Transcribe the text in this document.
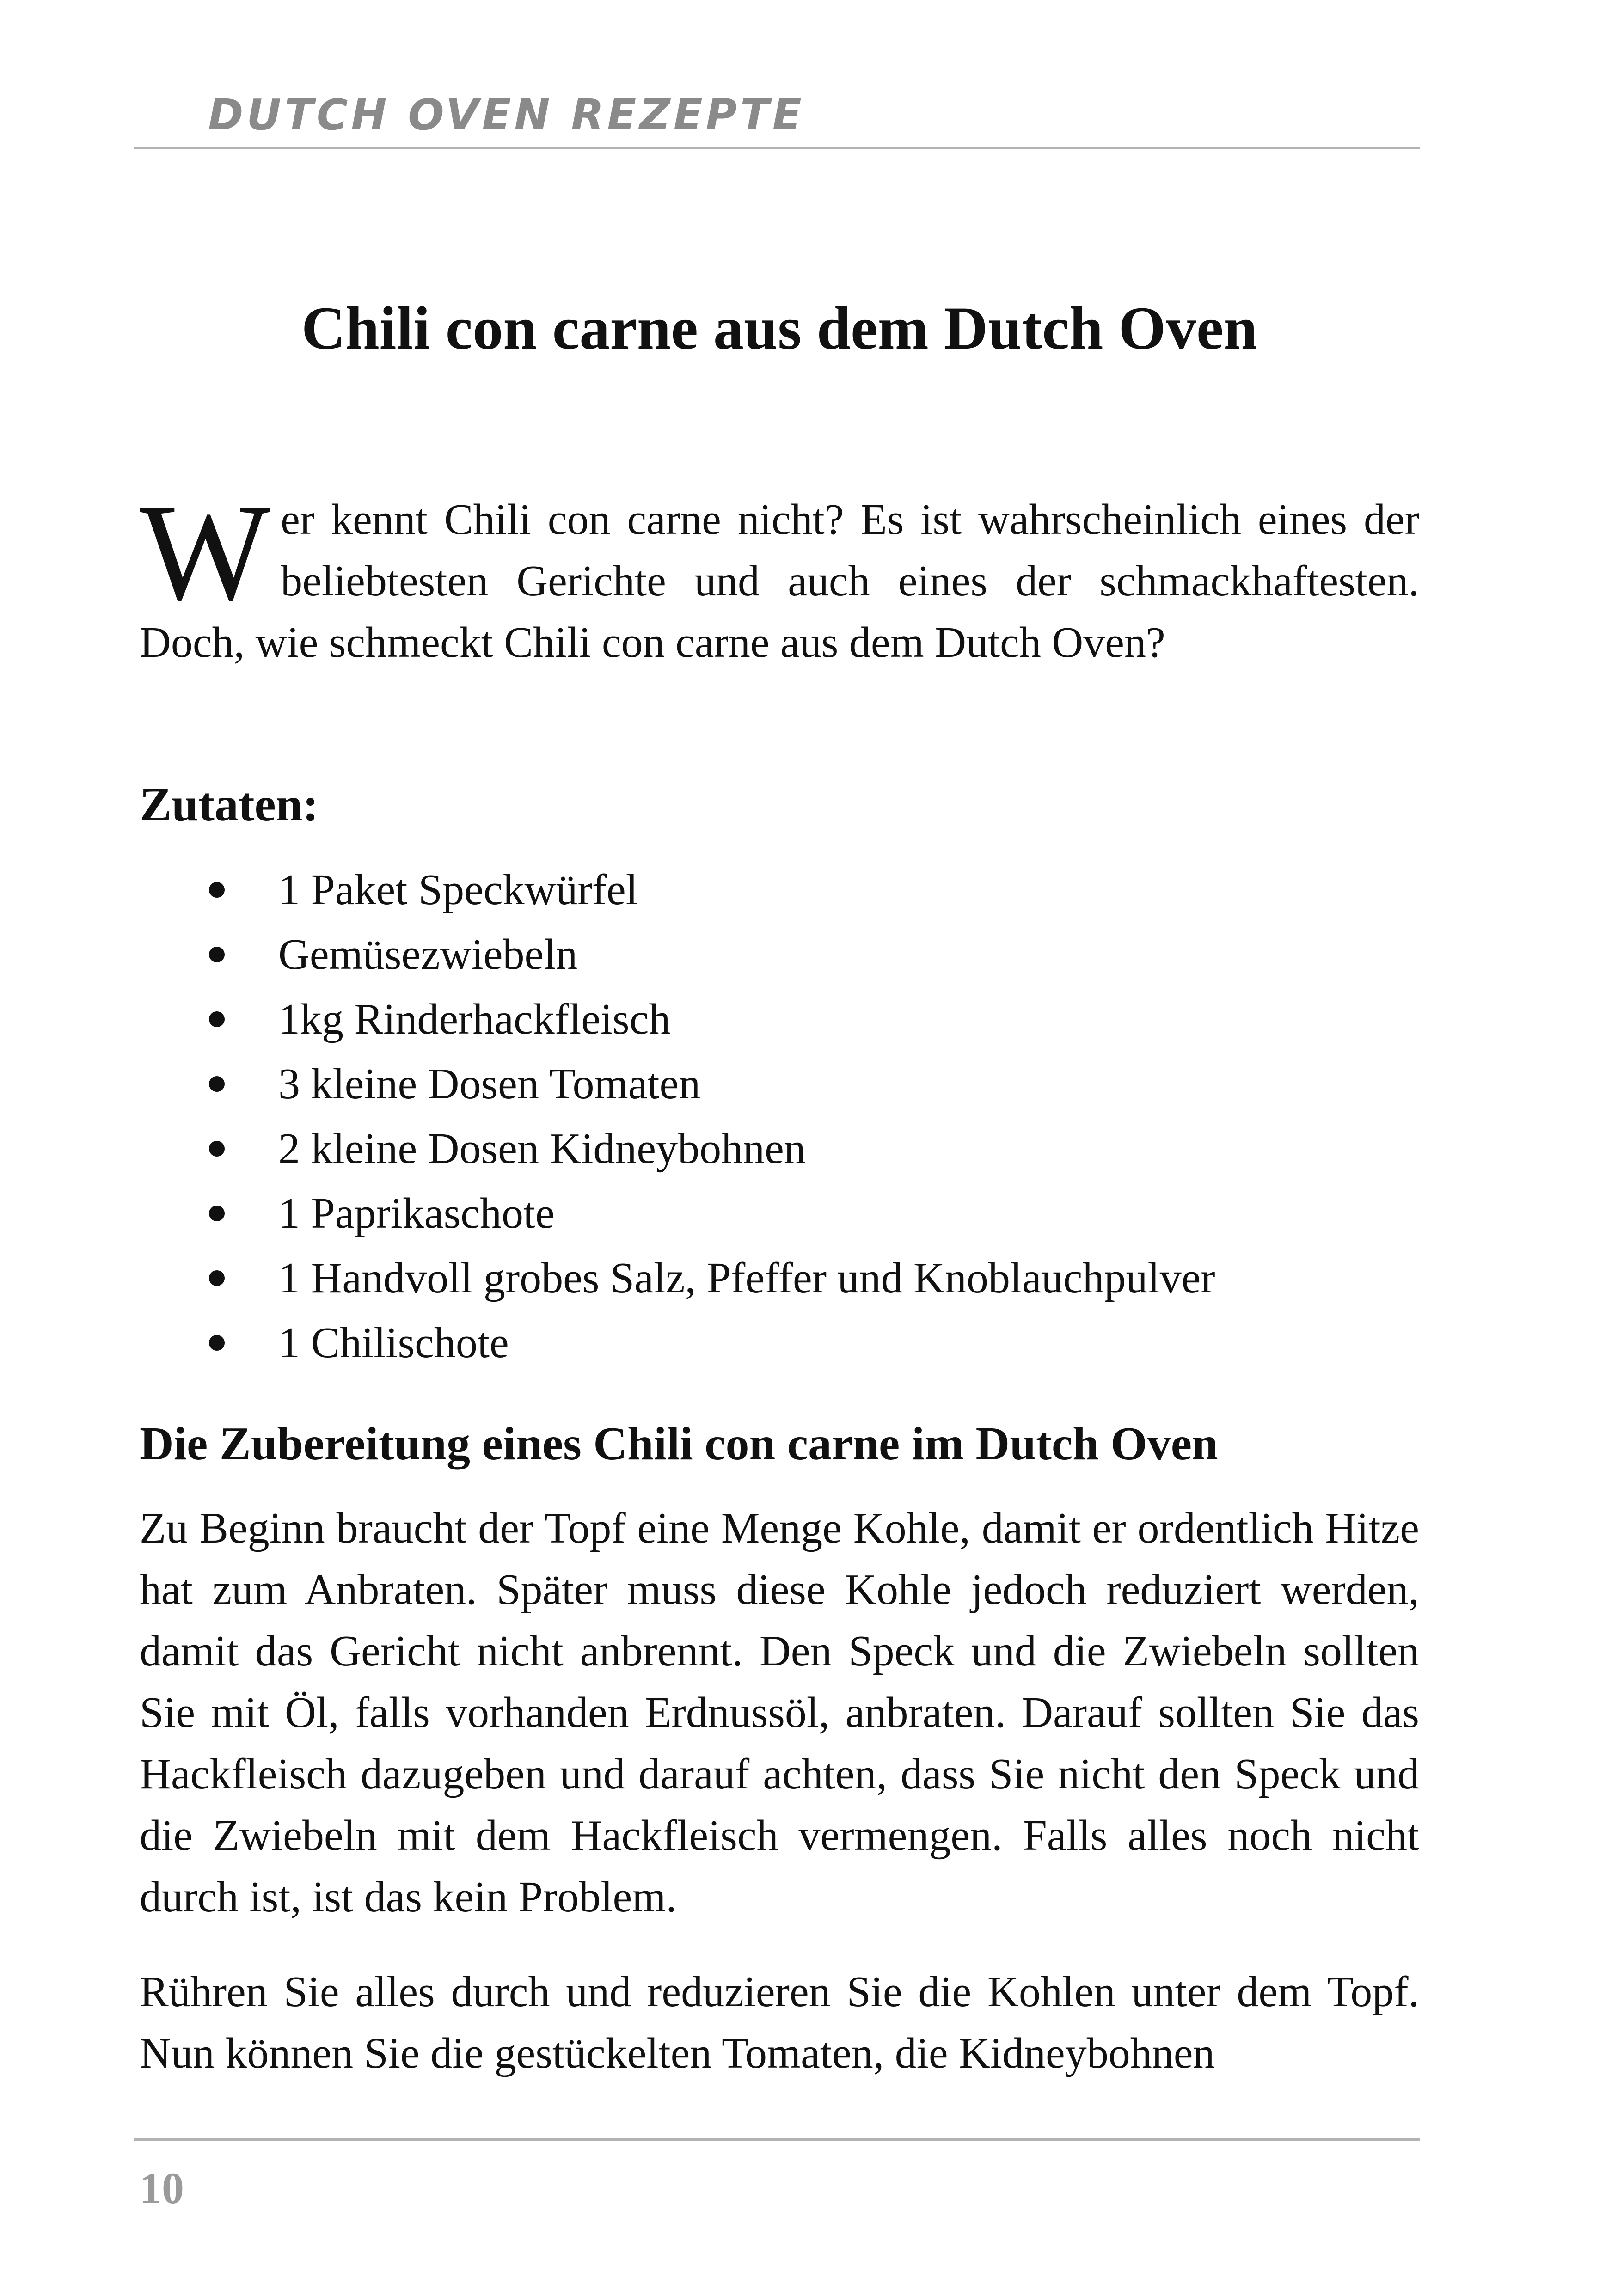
DUTCH OVEN REZEPTE
Chili con carne aus dem Dutch Oven

Wer kennt Chili con carne nicht? Es ist wahrscheinlich eines der beliebtesten Gerichte und auch eines der schmackhaftesten. Doch, wie schmeckt Chili con carne aus dem Dutch Oven?

Zutaten:
1 Paket Speckwürfel
Gemüsezwiebeln
1kg Rinderhackfleisch
3 kleine Dosen Tomaten
2 kleine Dosen Kidneybohnen
1 Paprikaschote
1 Handvoll grobes Salz, Pfeffer und Knoblauchpulver
1 Chilischote
Die Zubereitung eines Chili con carne im Dutch Oven

Zu Beginn braucht der Topf eine Menge Kohle, damit er ordentlich Hitze hat zum Anbraten. Später muss diese Kohle jedoch reduziert werden, damit das Gericht nicht anbrennt. Den Speck und die Zwiebeln sollten Sie mit Öl, falls vorhanden Erdnussöl, anbraten. Darauf sollten Sie das Hackfleisch dazugeben und darauf achten, dass Sie nicht den Speck und die Zwiebeln mit dem Hackfleisch vermengen. Falls alles noch nicht durch ist, ist das kein Problem.

Rühren Sie alles durch und reduzieren Sie die Kohlen unter dem Topf. Nun können Sie die gestückelten Tomaten, die Kidneybohnen

10
